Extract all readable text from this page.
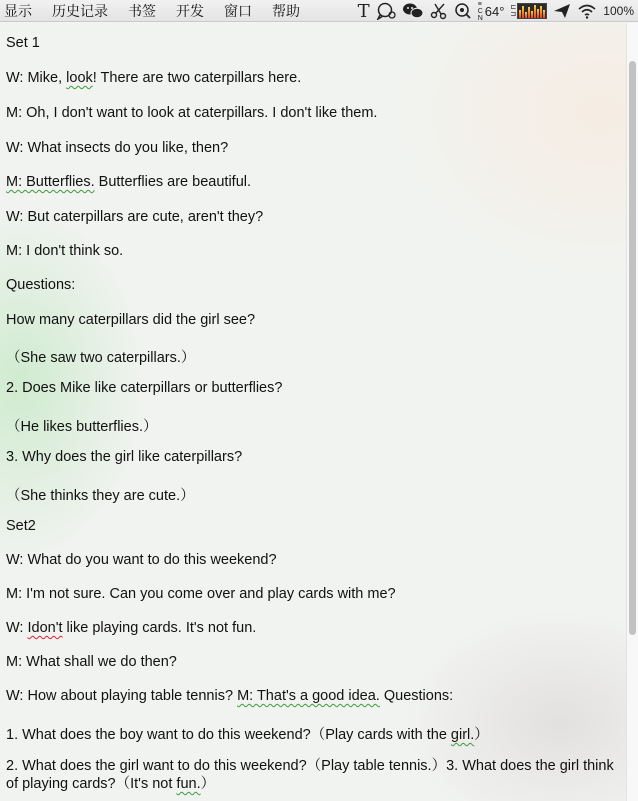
显示	历史记录	书签	开发	窗口	帮助	T	≡
C
N 64° ⊏
⊐	100%
Set 1
W: Mike, look! There are two caterpillars here.
M: Oh, I don't want to look at caterpillars. I don't like them.
W: What insects do you like, then?
M: Butterflies. Butterflies are beautiful.
W: But caterpillars are cute, aren't they?
M: I don't think so.
Questions:
How many caterpillars did the girl see?
（She saw two caterpillars.）
2. Does Mike like caterpillars or butterflies?
（He likes butterflies.）
3. Why does the girl like caterpillars?
（She thinks they are cute.）
Set2
W: What do you want to do this weekend?
M: I'm not sure. Can you come over and play cards with me?
W: Idon't like playing cards. It's not fun.
M: What shall we do then?
W: How about playing table tennis? M: That's a good idea. Questions:
1. What does the boy want to do this weekend?（Play cards with the girl.）
2. What does the girl want to do this weekend?（Play table tennis.）3. What does the girl think of playing cards?（It's not fun.）
